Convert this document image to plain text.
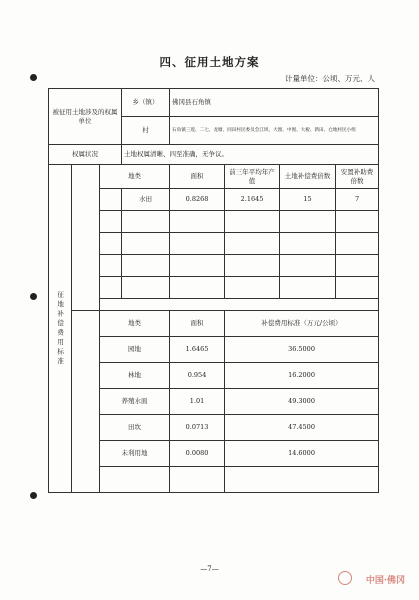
四、征用土地方案
计量单位：公顷、万元、人
被征用土地涉及的权属单位			乡（镇）	佛冈县石角镇			
			村	石角镇三莲、二七、龙塘、同田村民委员会江坝、大围、中围、大板、新田、仓地村民小组			
权属状况			土地权属清晰、四至准确，无争议。				
征地补偿费用标准		地类		面积	前三年平均年产值	土地补偿费倍数	安置补助费倍数
			水田	0.8268	2.1645	15	7

		地类		面积	补偿费用标准（万元/公顷）		
		园地		1.6465	36.5000		
		林地		0.954	16.2000		
		养殖水面		1.01	49.3000		
		田坎		0.0713	47.4500		
		未利用地		0.0080	14.6000		

—7—
中国·佛冈
